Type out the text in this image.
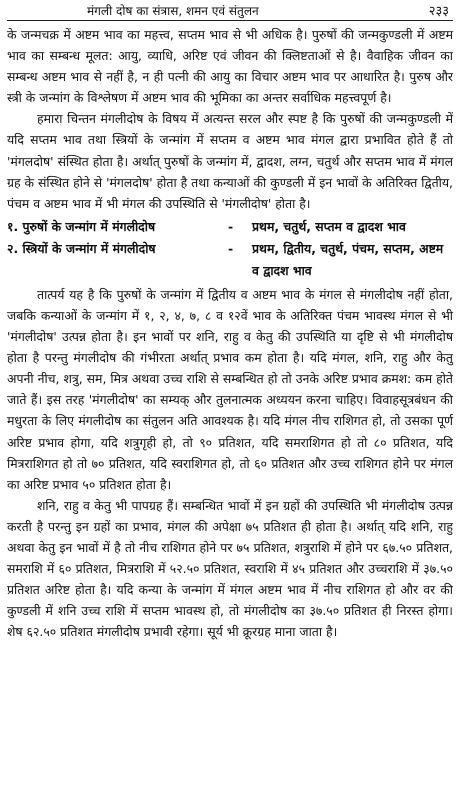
मंगली दोष का संत्रास, शमन एवं संतुलन	२३३

के जन्मचक्र में अष्टम भाव का महत्त्व, सप्तम भाव से भी अधिक है। पुरुषों की जन्मकुण्डली में अष्टम भाव का सम्बन्ध मूलत: आयु, व्याधि, अरिष्ट एवं जीवन की क्लिष्टताओं से है। वैवाहिक जीवन का सम्बन्ध अष्टम भाव से नहीं है, न ही पत्नी की आयु का विचार अष्टम भाव पर आधारित है। पुरुष और स्त्री के जन्मांग के विश्लेषण में अष्टम भाव की भूमिका का अन्तर सर्वाधिक महत्त्वपूर्ण है।

हमारा चिन्तन मंगलीदोष के विषय में अत्यन्त सरल और स्पष्ट है कि पुरुषों की जन्मकुण्डली में यदि सप्तम भाव तथा स्त्रियों के जन्मांग में सप्तम व अष्टम भाव मंगल द्वारा प्रभावित होते हैं तो 'मंगलदोष' संस्थित होता है। अर्थात् पुरुषों के जन्मांग में, द्वादश, लग्न, चतुर्थ और सप्तम भाव में मंगल ग्रह के संस्थित होने से 'मंगलदोष' होता है तथा कन्याओं की कुण्डली में इन भावों के अतिरिक्त द्वितीय, पंचम व अष्टम भाव में भी मंगल की उपस्थिति से 'मंगलीदोष' होता है।

१. पुरुषों के जन्मांग में मंगलीदोष	-	प्रथम, चतुर्थ, सप्तम व द्वादश भाव
२. स्त्रियों के जन्मांग में मंगलीदोष	-	प्रथम, द्वितीय, चतुर्थ, पंचम, सप्तम, अष्टम व द्वादश भाव

तात्पर्य यह है कि पुरुषों के जन्मांग में द्वितीय व अष्टम भाव के मंगल से मंगलीदोष नहीं होता, जबकि कन्याओं के जन्मांग में १, २, ४, ७, ८ व १२वें भाव के अतिरिक्त पंचम भावस्थ मंगल से भी 'मंगलीदोष' उत्पन्न होता है। इन भावों पर शनि, राहु व केतु की उपस्थिति या दृष्टि से भी मंगलीदोष होता है परन्तु मंगलीदोष की गंभीरता अर्थात् प्रभाव कम होता है। यदि मंगल, शनि, राहु और केतु अपनी नीच, शत्रु, सम, मित्र अथवा उच्च राशि से सम्बन्धित हो तो उनके अरिष्ट प्रभाव क्रमश: कम होते जाते हैं। इस तरह 'मंगलीदोष' का सम्यक् और तुलनात्मक अध्ययन करना चाहिए। विवाहसूत्रबंधन की मधुरता के लिए मंगलीदोष का संतुलन अति आवश्यक है। यदि मंगल नीच राशिगत हो, तो उसका पूर्ण अरिष्ट प्रभाव होगा, यदि शत्रुगृही हो, तो ९० प्रतिशत, यदि समराशिगत हो तो ८० प्रतिशत, यदि मित्रराशिगत हो तो ७० प्रतिशत, यदि स्वराशिगत हो, तो ६० प्रतिशत और उच्च राशिगत होने पर मंगल का अरिष्ट प्रभाव ५० प्रतिशत होता है।

शनि, राहु व केतु भी पापग्रह हैं। सम्बन्धित भावों में इन ग्रहों की उपस्थिति भी मंगलीदोष उत्पन्न करती है परन्तु इन ग्रहों का प्रभाव, मंगल की अपेक्षा ७५ प्रतिशत ही होता है। अर्थात् यदि शनि, राहु अथवा केतु इन भावों में है तो नीच राशिगत होने पर ७५ प्रतिशत, शत्रुराशि में होने पर ६७.५० प्रतिशत, समराशि में ६० प्रतिशत, मित्रराशि में ५२.५० प्रतिशत, स्वराशि में ४५ प्रतिशत और उच्चराशि में ३७.५० प्रतिशत अरिष्ट होता है। यदि कन्या के जन्मांग में मंगल अष्टम भाव में नीच राशिगत हो और वर की कुण्डली में शनि उच्च राशि में सप्तम भावस्थ हो, तो मंगलीदोष का ३७.५० प्रतिशत ही निरस्त होगा। शेष ६२.५० प्रतिशत मंगलीदोष प्रभावी रहेगा। सूर्य भी क्रूरग्रह माना जाता है।
